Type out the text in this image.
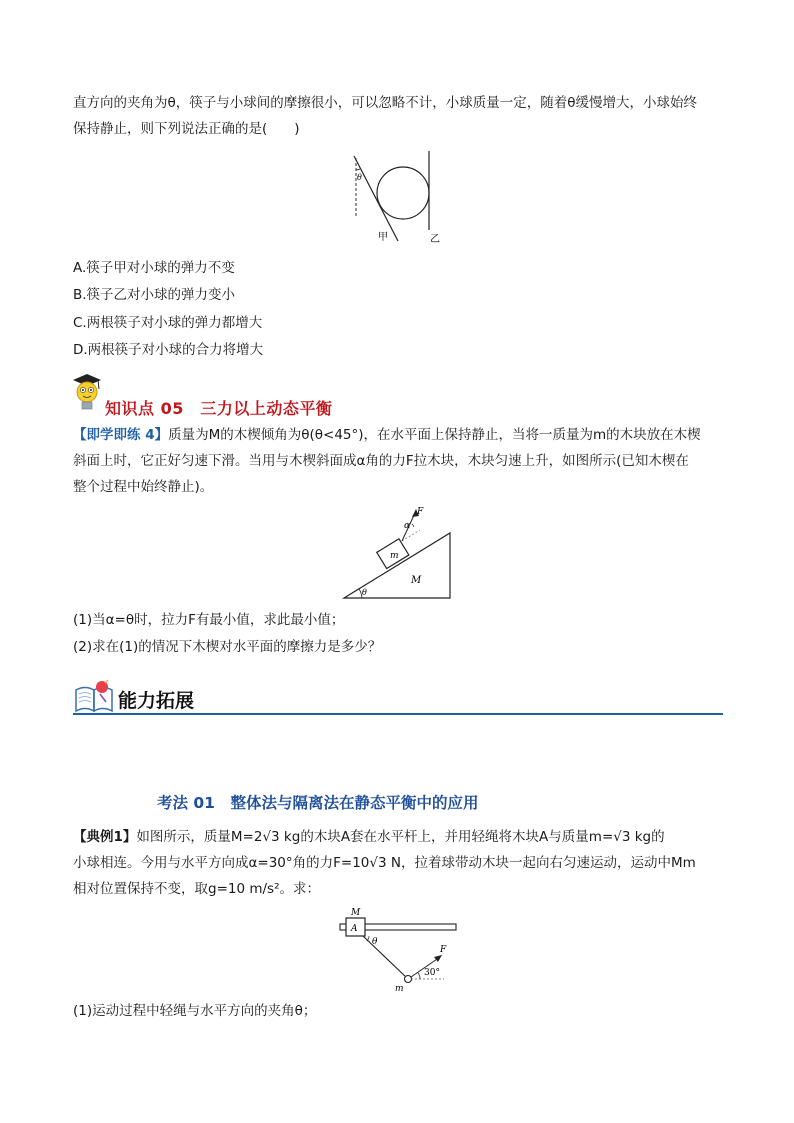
直方向的夹角为θ，筷子与小球间的摩擦很小，可以忽略不计，小球质量一定，随着θ缓慢增大，小球始终
保持静止，则下列说法正确的是(　　)
θ
甲	乙
A.筷子甲对小球的弹力不变
B.筷子乙对小球的弹力变小
C.两根筷子对小球的弹力都增大
D.两根筷子对小球的合力将增大
知识点 05　三力以上动态平衡
【即学即练 4】质量为M的木楔倾角为θ(θ<45°)，在水平面上保持静止，当将一质量为m的木块放在木楔
斜面上时，它正好匀速下滑。当用与木楔斜面成α角的力F拉木块，木块匀速上升，如图所示(已知木楔在
整个过程中始终静止)。
F
α
m
M
θ
(1)当α=θ时，拉力F有最小值，求此最小值；
(2)求在(1)的情况下木楔对水平面的摩擦力是多少？
能力拓展
考法 01　整体法与隔离法在静态平衡中的应用
【典例1】如图所示，质量M=2√3 kg的木块A套在水平杆上，并用轻绳将木块A与质量m=√3 kg的
小球相连。今用与水平方向成α=30°角的力F=10√3 N，拉着球带动木块一起向右匀速运动，运动中Mm
相对位置保持不变，取g=10 m/s²。求：
M
A
θ
F
30°
m
(1)运动过程中轻绳与水平方向的夹角θ；
